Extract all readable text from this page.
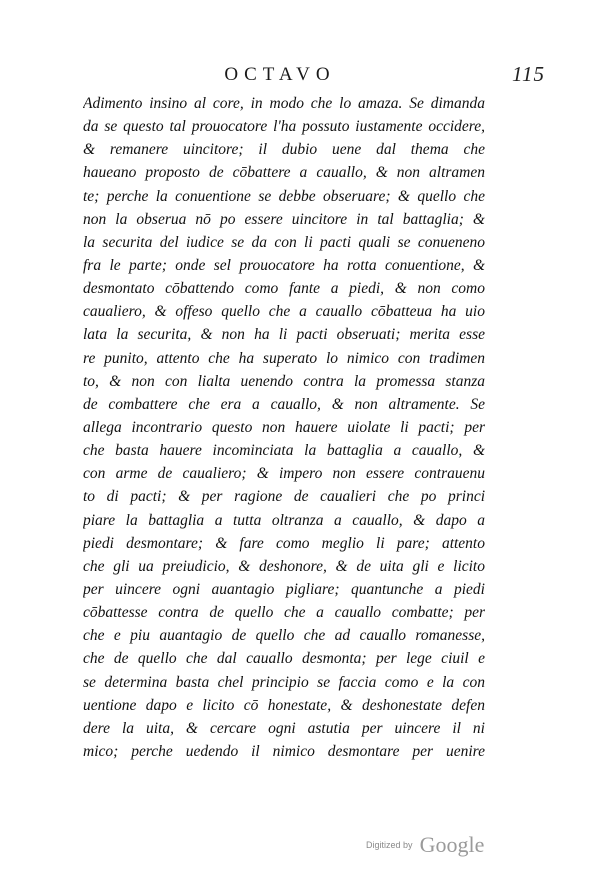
OCTAVO	115
Adimento insino al core, in modo che lo amaza. Se dimanda
da se questo tal prouocatore l'ha possuto iustamente occidere,
& remanere uincitore; il dubio uene dal thema che
haueano proposto de cōbattere a cauallo, & non altramen
te; perche la conuentione se debbe obseruare; & quello che
non la obserua nō po essere uincitore in tal battaglia; &
la securita del iudice se da con li pacti quali se conueneno
fra le parte; onde sel prouocatore ha rotta conuentione, &
desmontato cōbattendo como fante a piedi, & non como
caualiero, & offeso quello che a cauallo cōbatteua ha uio
lata la securita, & non ha li pacti obseruati; merita esse
re punito, attento che ha superato lo nimico con tradimen
to, & non con lialta uenendo contra la promessa stanza
de combattere che era a cauallo, & non altramente. Se
allega incontrario questo non hauere uiolate li pacti; per
che basta hauere incominciata la battaglia a cauallo, &
con arme de caualiero; & impero non essere contrauenu
to di pacti; & per ragione de caualieri che po princi
piare la battaglia a tutta oltranza a cauallo, & dapo a
piedi desmontare; & fare como meglio li pare; attento
che gli ua preiudicio, & deshonore, & de uita gli e licito
per uincere ogni auantagio pigliare; quantunche a piedi
cōbattesse contra de quello che a cauallo combatte; per
che e piu auantagio de quello che ad cauallo romanesse,
che de quello che dal cauallo desmonta; per lege ciuil e
se determina basta chel principio se faccia como e la con
uentione dapo e licito cō honestate, & deshonestate defen
dere la uita, & cercare ogni astutia per uincere il ni
mico; perche uedendo il nimico desmontare per uenire
Digitized by Google
